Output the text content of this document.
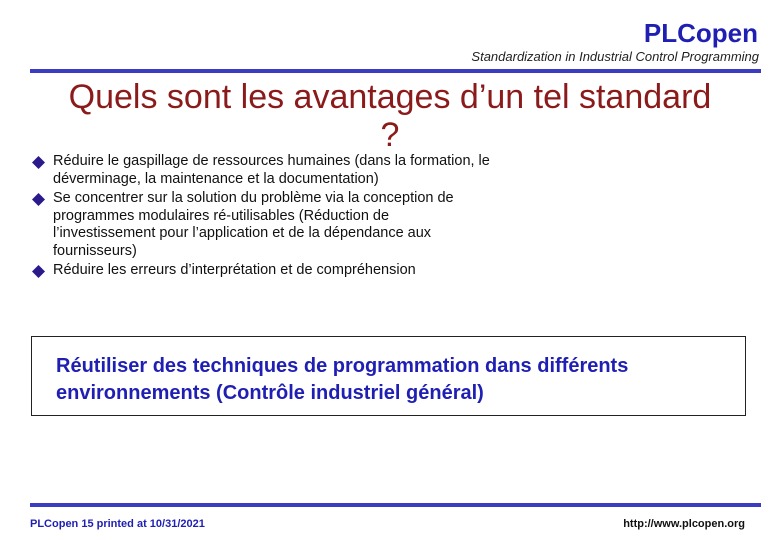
PLCopen
Standardization in Industrial Control Programming
Quels sont les avantages d’un tel standard ?
Réduire le gaspillage de ressources humaines (dans la formation, le déverminage, la maintenance et la documentation)
Se concentrer sur la solution du problème via la conception de programmes modulaires ré-utilisables (Réduction de l’investissement pour l’application et de la dépendance aux fournisseurs)
Réduire les erreurs d’interprétation et de compréhension
Réutiliser des techniques de programmation dans différents environnements (Contrôle industriel général)
PLCopen 15 printed at 10/31/2021	http://www.plcopen.org
